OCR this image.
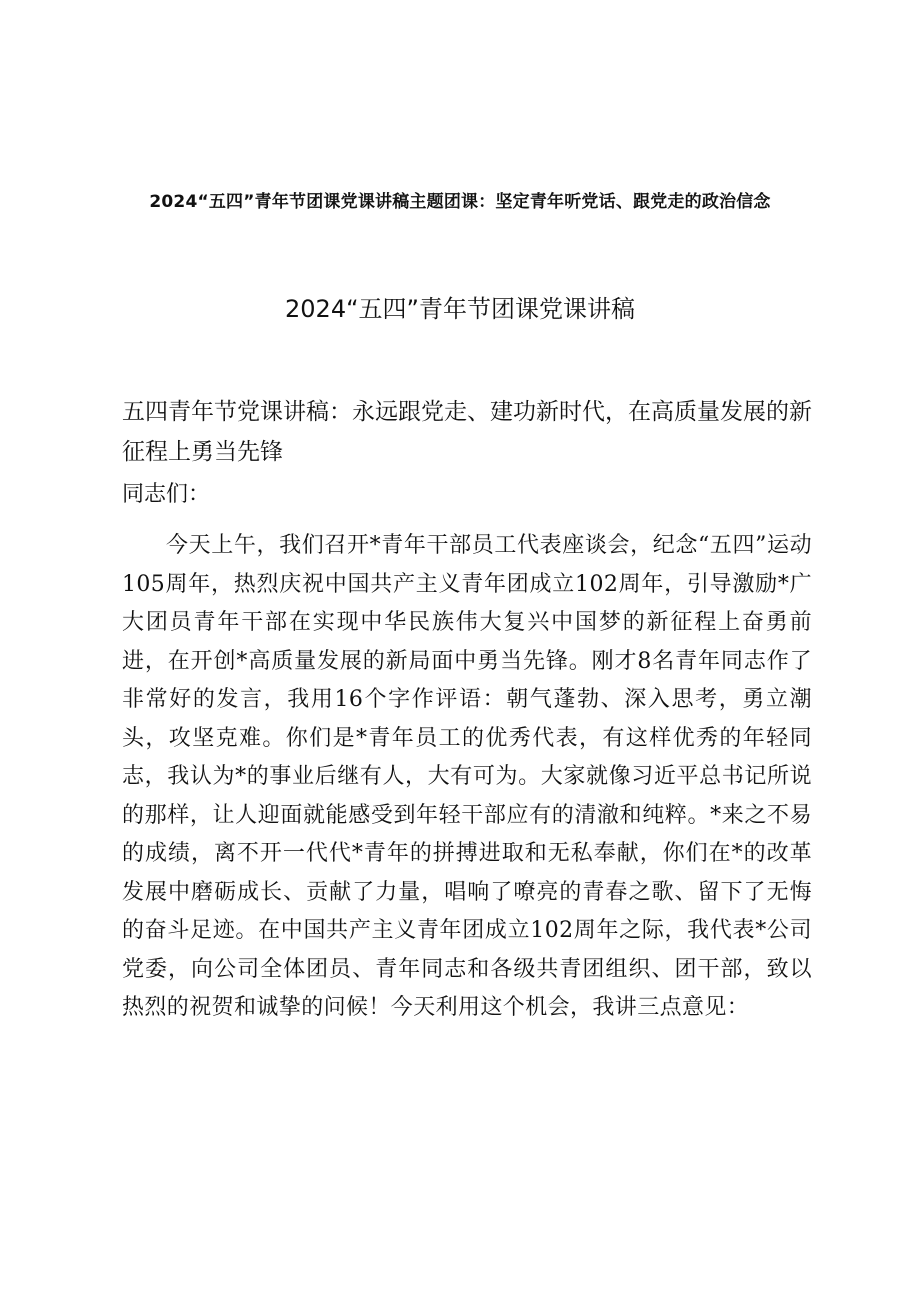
2024“五四”青年节团课党课讲稿主题团课：坚定青年听党话、跟党走的政治信念
2024“五四”青年节团课党课讲稿
五四青年节党课讲稿：永远跟党走、建功新时代，在高质量发展的新征程上勇当先锋
同志们：
今天上午，我们召开*青年干部员工代表座谈会，纪念“五四”运动105周年，热烈庆祝中国共产主义青年团成立102周年，引导激励*广大团员青年干部在实现中华民族伟大复兴中国梦的新征程上奋勇前进，在开创*高质量发展的新局面中勇当先锋。刚才8名青年同志作了非常好的发言，我用16个字作评语：朝气蓬勃、深入思考，勇立潮头，攻坚克难。你们是*青年员工的优秀代表，有这样优秀的年轻同志，我认为*的事业后继有人，大有可为。大家就像习近平总书记所说的那样，让人迎面就能感受到年轻干部应有的清澈和纯粹。*来之不易的成绩，离不开一代代*青年的拼搏进取和无私奉献，你们在*的改革发展中磨砺成长、贡献了力量，唱响了嘹亮的青春之歌、留下了无悔的奋斗足迹。在中国共产主义青年团成立102周年之际，我代表*公司党委，向公司全体团员、青年同志和各级共青团组织、团干部，致以热烈的祝贺和诚挚的问候！今天利用这个机会，我讲三点意见：
